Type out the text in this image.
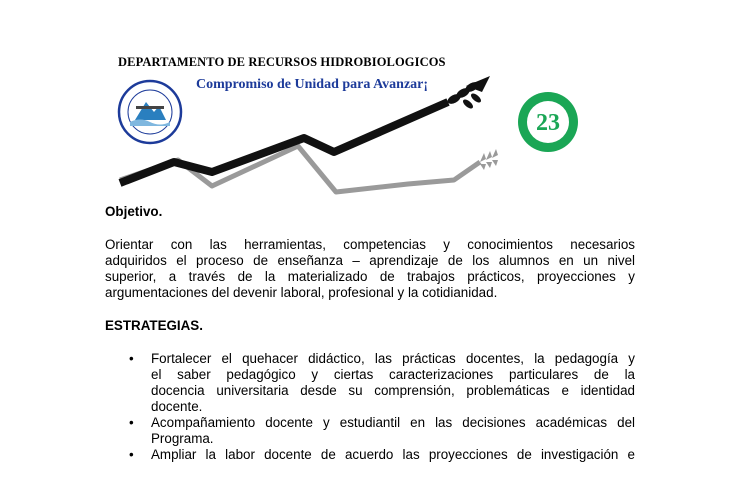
23
DEPARTAMENTO DE RECURSOS HIDROBIOLOGICOS
Compromiso de Unidad para Avanzar¡

Objetivo.

Orientar con las herramientas, competencias y conocimientos necesarios
adquiridos el proceso de enseñanza – aprendizaje de los alumnos en un nivel
superior, a través de la materializado de trabajos prácticos, proyecciones y
argumentaciones del devenir laboral, profesional y la cotidianidad.

ESTRATEGIAS.

• Fortalecer el quehacer didáctico, las prácticas docentes, la pedagogía y
el saber pedagógico y ciertas caracterizaciones particulares de la
docencia universitaria desde su comprensión, problemáticas e identidad
docente.
• Acompañamiento docente y estudiantil en las decisiones académicas del
Programa.
• Ampliar la labor docente de acuerdo las proyecciones de investigación e
